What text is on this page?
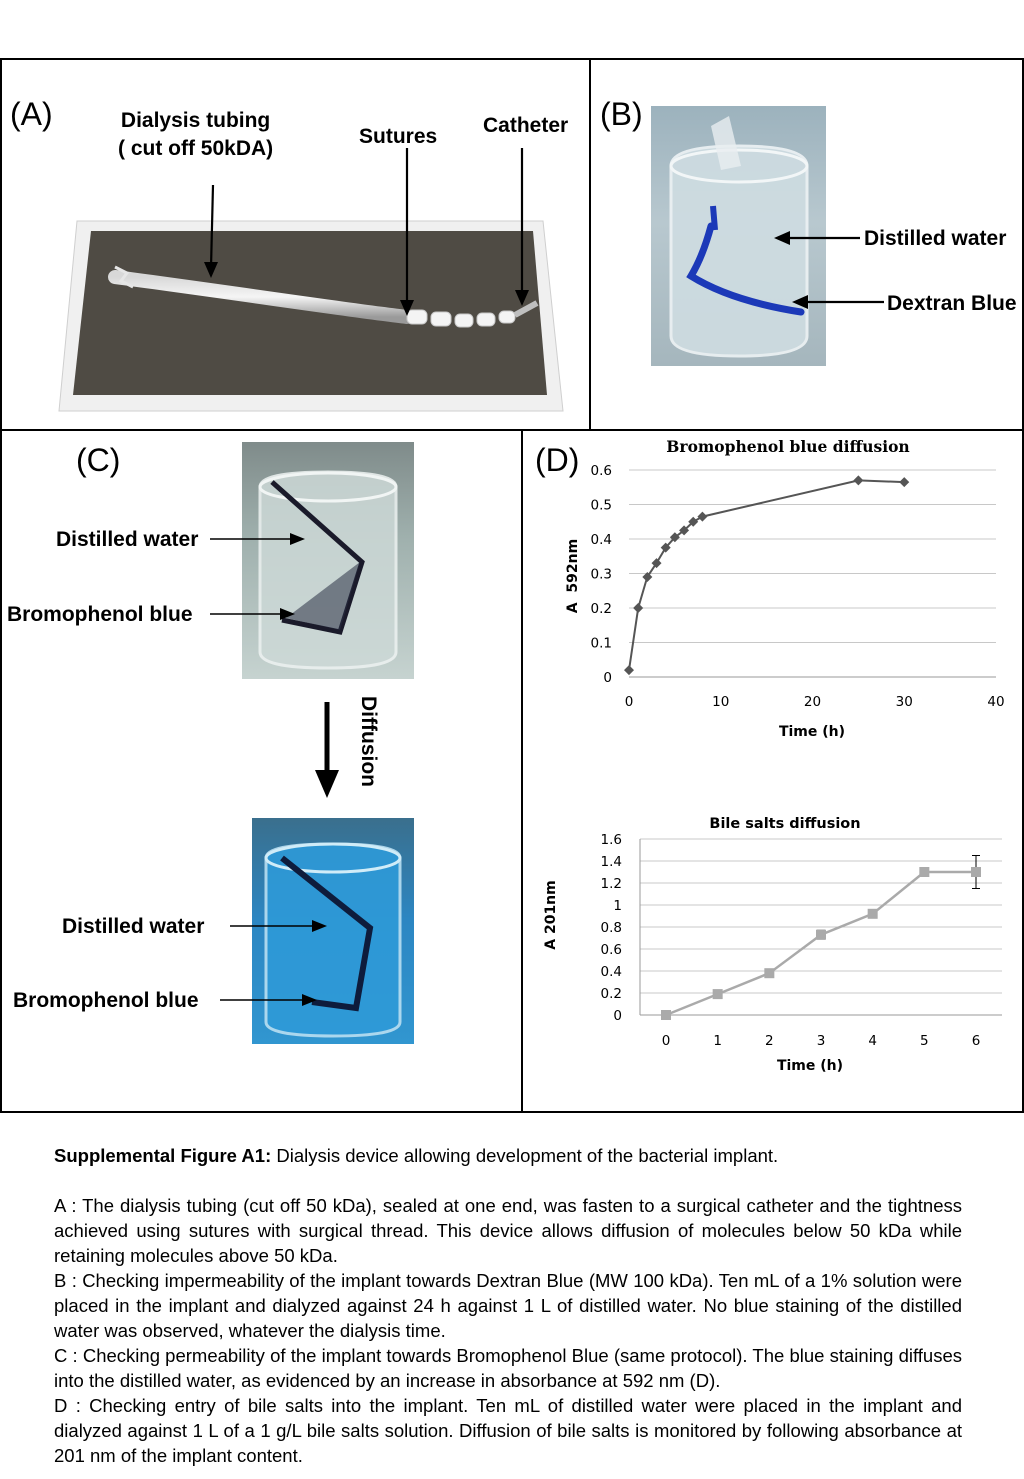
(A)	Dialysis tubing
( cut off 50kDA)
Sutures Catheter (B)
Distilled water
Dextran Blue
(C)
Distilled water
Bromophenol blue
Distilled water
Bromophenol blue
Diffusion
(D)	Bromophenol blue diffusion
0
0.1
0.2
0.3
0.4
0.5
0.6
0	10	20	30	40
A  592nm
Time (h)
Bile salts diffusion
0
0.2
0.4
0.6
0.8
1
1.2
1.4
1.6
0	1	2	3	4	5	6
A 201nm
Time (h)
Supplemental Figure A1: Dialysis device allowing development of the bacterial implant.
A : The dialysis tubing (cut off 50 kDa), sealed at one end, was fasten to a surgical catheter and the tightness achieved using sutures with surgical thread. This device allows diffusion of molecules below 50 kDa while retaining molecules above 50 kDa.
B : Checking impermeability of the implant towards Dextran Blue (MW 100 kDa). Ten mL of a 1% solution were placed in the implant and dialyzed against 24 h against 1 L of distilled water. No blue staining of the distilled water was observed, whatever the dialysis time.
C : Checking permeability of the implant towards Bromophenol Blue (same protocol). The blue staining diffuses into the distilled water, as evidenced by an increase in absorbance at 592 nm (D).
D : Checking entry of bile salts into the implant. Ten mL of distilled water were placed in the implant and dialyzed against 1 L of a 1 g/L bile salts solution. Diffusion of bile salts is monitored by following absorbance at 201 nm of the implant content.
